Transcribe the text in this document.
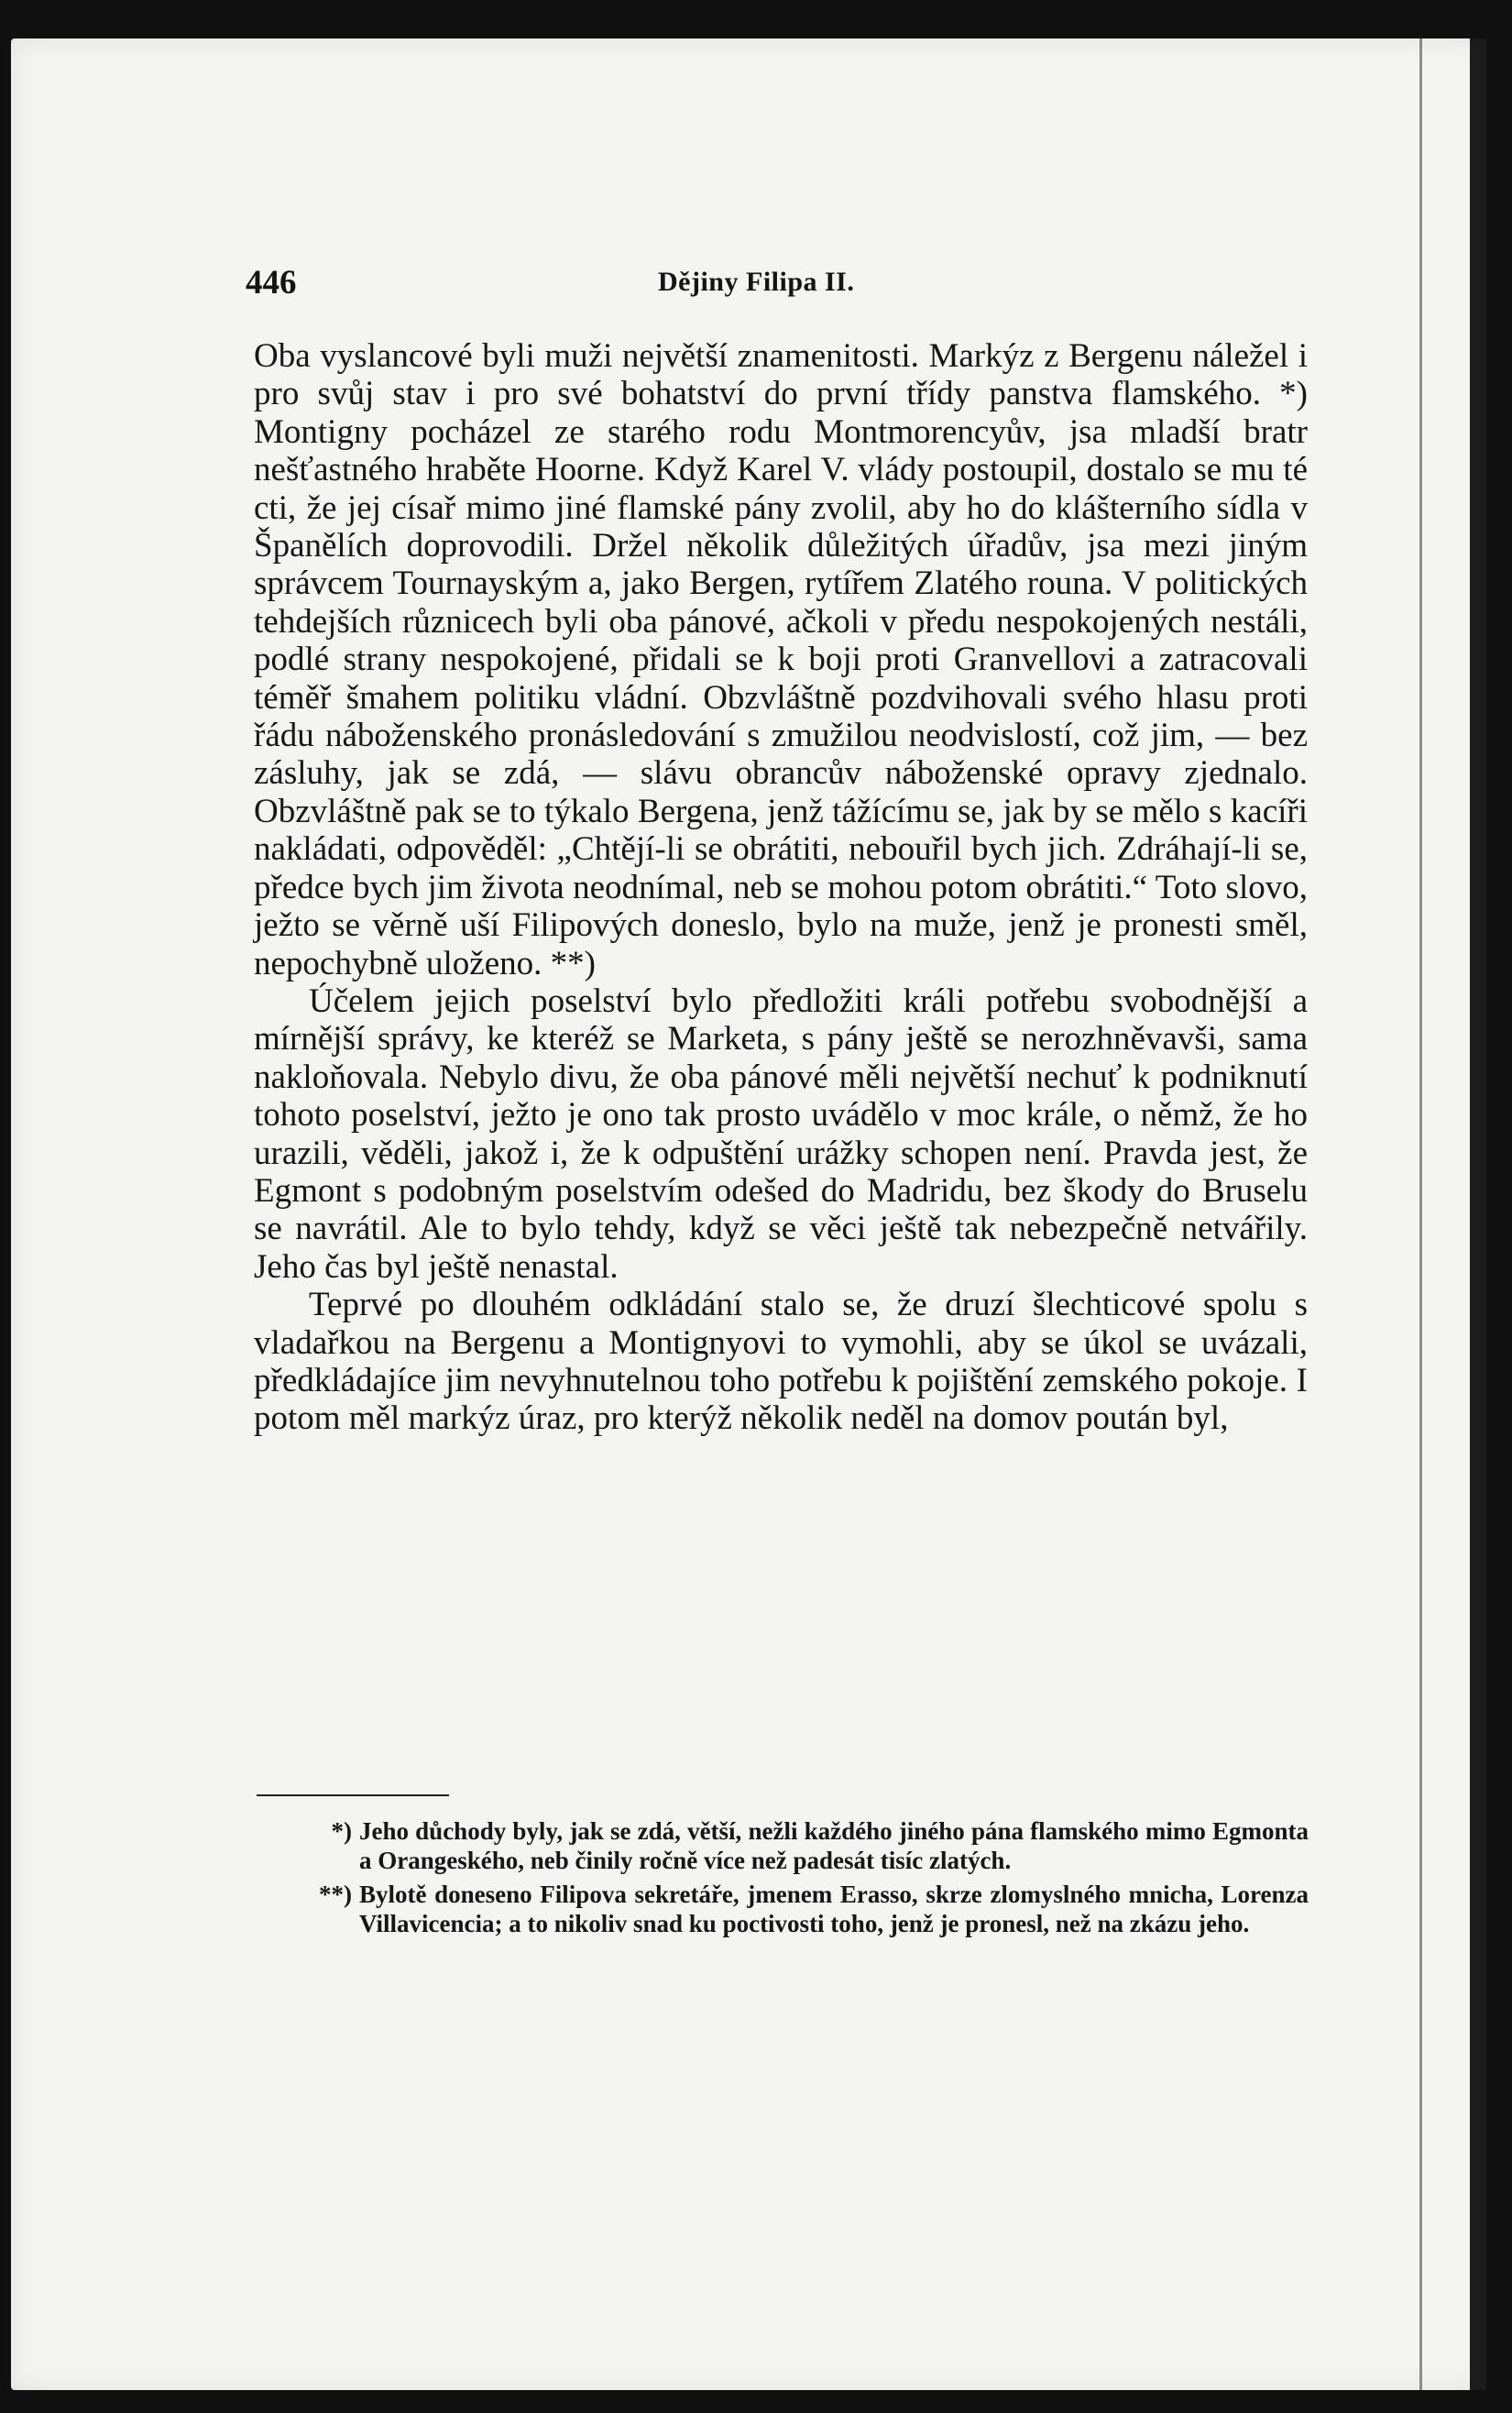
446	Dějiny Filipa II.

Oba vyslancové byli muži největší znamenitosti. Markýz z Bergenu náležel i pro svůj stav i pro své bohatství do první třídy panstva flamského. *) Montigny pocházel ze starého rodu Montmorencyův, jsa mladší bratr nešťastného hraběte Hoorne. Když Karel V. vlády postoupil, dostalo se mu té cti, že jej císař mimo jiné flamské pány zvolil, aby ho do klášterního sídla v Španělích doprovodili. Držel několik důležitých úřadův, jsa mezi jiným správcem Tournayským a, jako Bergen, rytířem Zlatého rouna. V politických tehdejších různicech byli oba pánové, ačkoli v předu nespokojených nestáli, podlé strany nespokojené, přidali se k boji proti Granvellovi a zatracovali téměř šmahem politiku vládní. Obzvláštně pozdvihovali svého hlasu proti řádu náboženského pronásledování s zmužilou neodvislostí, což jim, — bez zásluhy, jak se zdá, — slávu obrancův náboženské opravy zjednalo. Obzvláštně pak se to týkalo Bergena, jenž tážícímu se, jak by se mělo s kacíři nakládati, odpověděl: „Chtějí-li se obrátiti, nebouřil bych jich. Zdráhají-li se, předce bych jim života neodnímal, neb se mohou potom obrátiti.“ Toto slovo, ježto se věrně uší Filipových doneslo, bylo na muže, jenž je pronesti směl, nepochybně uloženo. **)

Účelem jejich poselství bylo předložiti králi potřebu svobodnější a mírnější správy, ke kteréž se Marketa, s pány ještě se nerozhněvavši, sama nakloňovala. Nebylo divu, že oba pánové měli největší nechuť k podniknutí tohoto poselství, ježto je ono tak prosto uvádělo v moc krále, o němž, že ho urazili, věděli, jakož i, že k odpuštění urážky schopen není. Pravda jest, že Egmont s podobným poselstvím odešed do Madridu, bez škody do Bruselu se navrátil. Ale to bylo tehdy, když se věci ještě tak nebezpečně netvářily. Jeho čas byl ještě nenastal.

Teprvé po dlouhém odkládání stalo se, že druzí šlechticové spolu s vladařkou na Bergenu a Montignyovi to vymohli, aby se úkol se uvázali, předkládajíce jim nevyhnutelnou toho potřebu k pojištění zemského pokoje. I potom měl markýz úraz, pro kterýž několik neděl na domov poután byl,

*) Jeho důchody byly, jak se zdá, větší, nežli každého jiného pána flamského mimo Egmonta a Orangeského, neb činily ročně více než padesát tisíc zlatých.
**) Bylotě doneseno Filipova sekretáře, jmenem Erasso, skrze zlomyslného mnicha, Lorenza Villavicencia; a to nikoliv snad ku poctivosti toho, jenž je pronesl, než na zkázu jeho.
